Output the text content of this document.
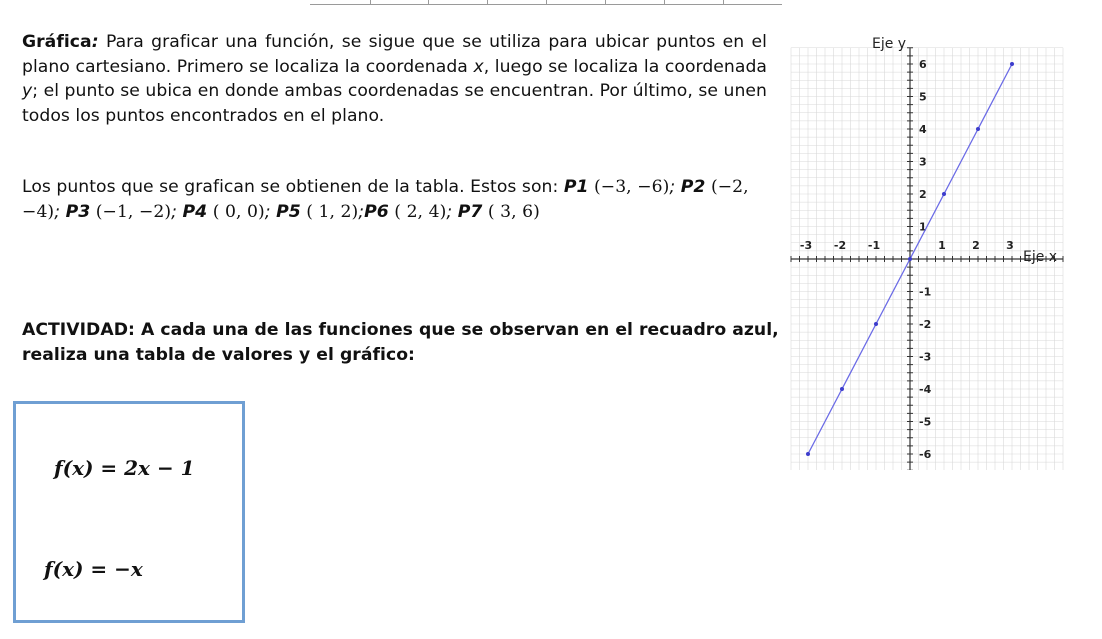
Gráfica: Para graficar una función, se sigue que se utiliza para ubicar puntos en el plano cartesiano. Primero se localiza la coordenada x, luego se localiza la coordenada y; el punto se ubica en donde ambas coordenadas se encuentran. Por último, se unen todos los puntos encontrados en el plano.
Los puntos que se grafican se obtienen de la tabla. Estos son: P1 (−3, −6); P2 (−2, −4); P3 (−1, −2); P4 ( 0, 0); P5 ( 1, 2);P6 ( 2, 4); P7 ( 3, 6)
ACTIVIDAD: A cada una de las funciones que se observan en el recuadro azul, realiza una tabla de valores y el gráfico:
f(x) = 2x − 1
f(x) = −x
-3 -2 -1	1 2 3
-6
-5
-4
-3
-2
-1
1
2
3
4
5
6
Eje y
Eje x
